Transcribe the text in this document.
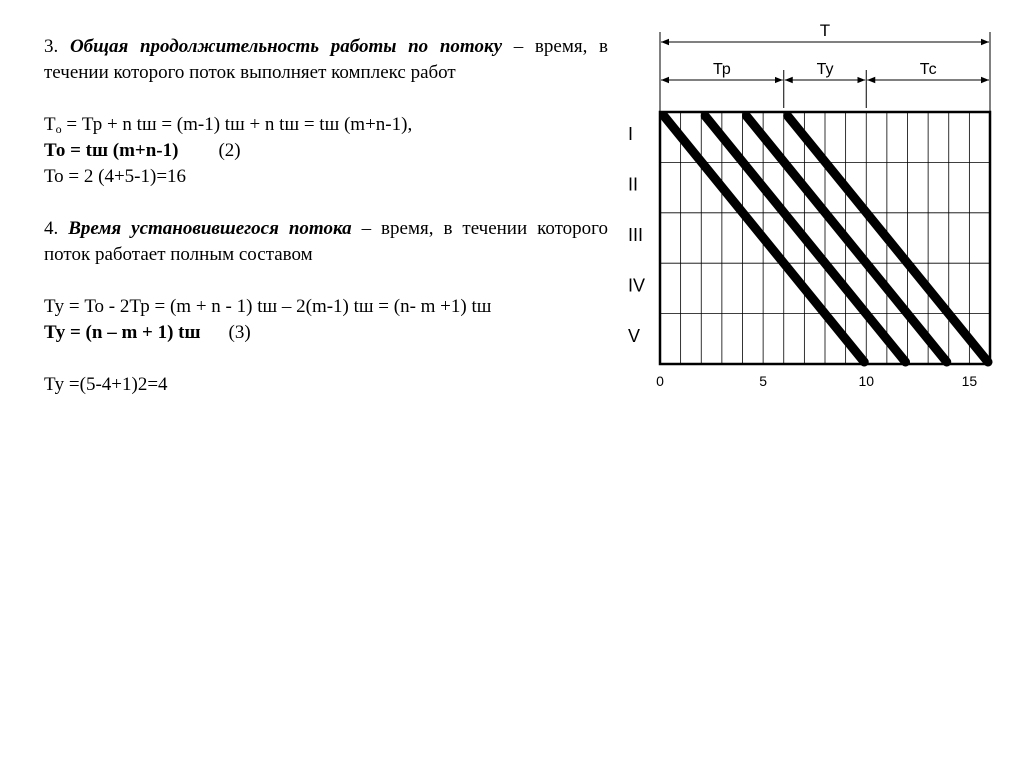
3. Общая продолжительность работы по потоку – время, в течении которого поток выполняет комплекс работ

$Т_о$ = Тр + n tш = (m-1) tш + n tш = tш (m+n-1),

То = tш (m+n-1) (2)

То = 2 (4+5-1)=16

4. Время установившегося потока – время, в течении которого поток работает полным составом

Ту = То - 2Тр = (m + n - 1) tш – 2(m-1) tш = (n- m +1) tш

Ту = (n – m + 1) tш (3)

Ту =(5-4+1)2=4

Т
Тр	Ту	Тс
I
II
III
IV
V
0	5	10	15
